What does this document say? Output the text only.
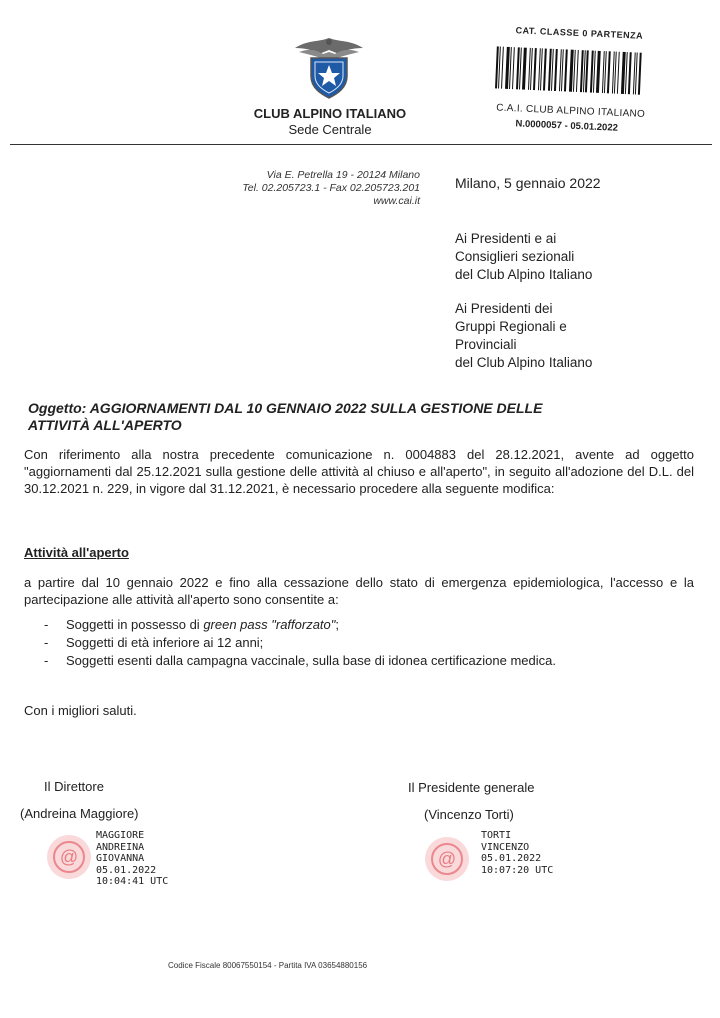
CLUB ALPINO ITALIANO
Sede Centrale
CAT. CLASSE 0 PARTENZA
C.A.I. CLUB ALPINO ITALIANO
N.0000057 - 05.01.2022
Via E. Petrella 19 - 20124 Milano
Tel. 02.205723.1 - Fax 02.205723.201
www.cai.it
Milano, 5 gennaio 2022
Ai Presidenti e ai
Consiglieri sezionali
del Club Alpino Italiano
Ai Presidenti dei
Gruppi Regionali e
Provinciali
del Club Alpino Italiano
Oggetto: AGGIORNAMENTI DAL 10 GENNAIO 2022 SULLA GESTIONE DELLE
ATTIVITÀ ALL'APERTO
Con riferimento alla nostra precedente comunicazione n. 0004883 del 28.12.2021, avente ad oggetto "aggiornamenti dal 25.12.2021 sulla gestione delle attività al chiuso e all'aperto", in seguito all'adozione del D.L. del 30.12.2021 n. 229, in vigore dal 31.12.2021, è necessario procedere alla seguente modifica:
Attività all'aperto
a partire dal 10 gennaio 2022 e fino alla cessazione dello stato di emergenza epidemiologica, l'accesso e la partecipazione alle attività all'aperto sono consentite a:
- Soggetti in possesso di green pass "rafforzato";
- Soggetti di età inferiore ai 12 anni;
- Soggetti esenti dalla campagna vaccinale, sulla base di idonea certificazione medica.
Con i migliori saluti.
Il Direttore
(Andreina Maggiore)
@
MAGGIORE
ANDREINA
GIOVANNA
05.01.2022
10:04:41 UTC
Il Presidente generale
(Vincenzo Torti)
@
TORTI
VINCENZO
05.01.2022
10:07:20 UTC
Codice Fiscale 80067550154 - Partita IVA 03654880156
